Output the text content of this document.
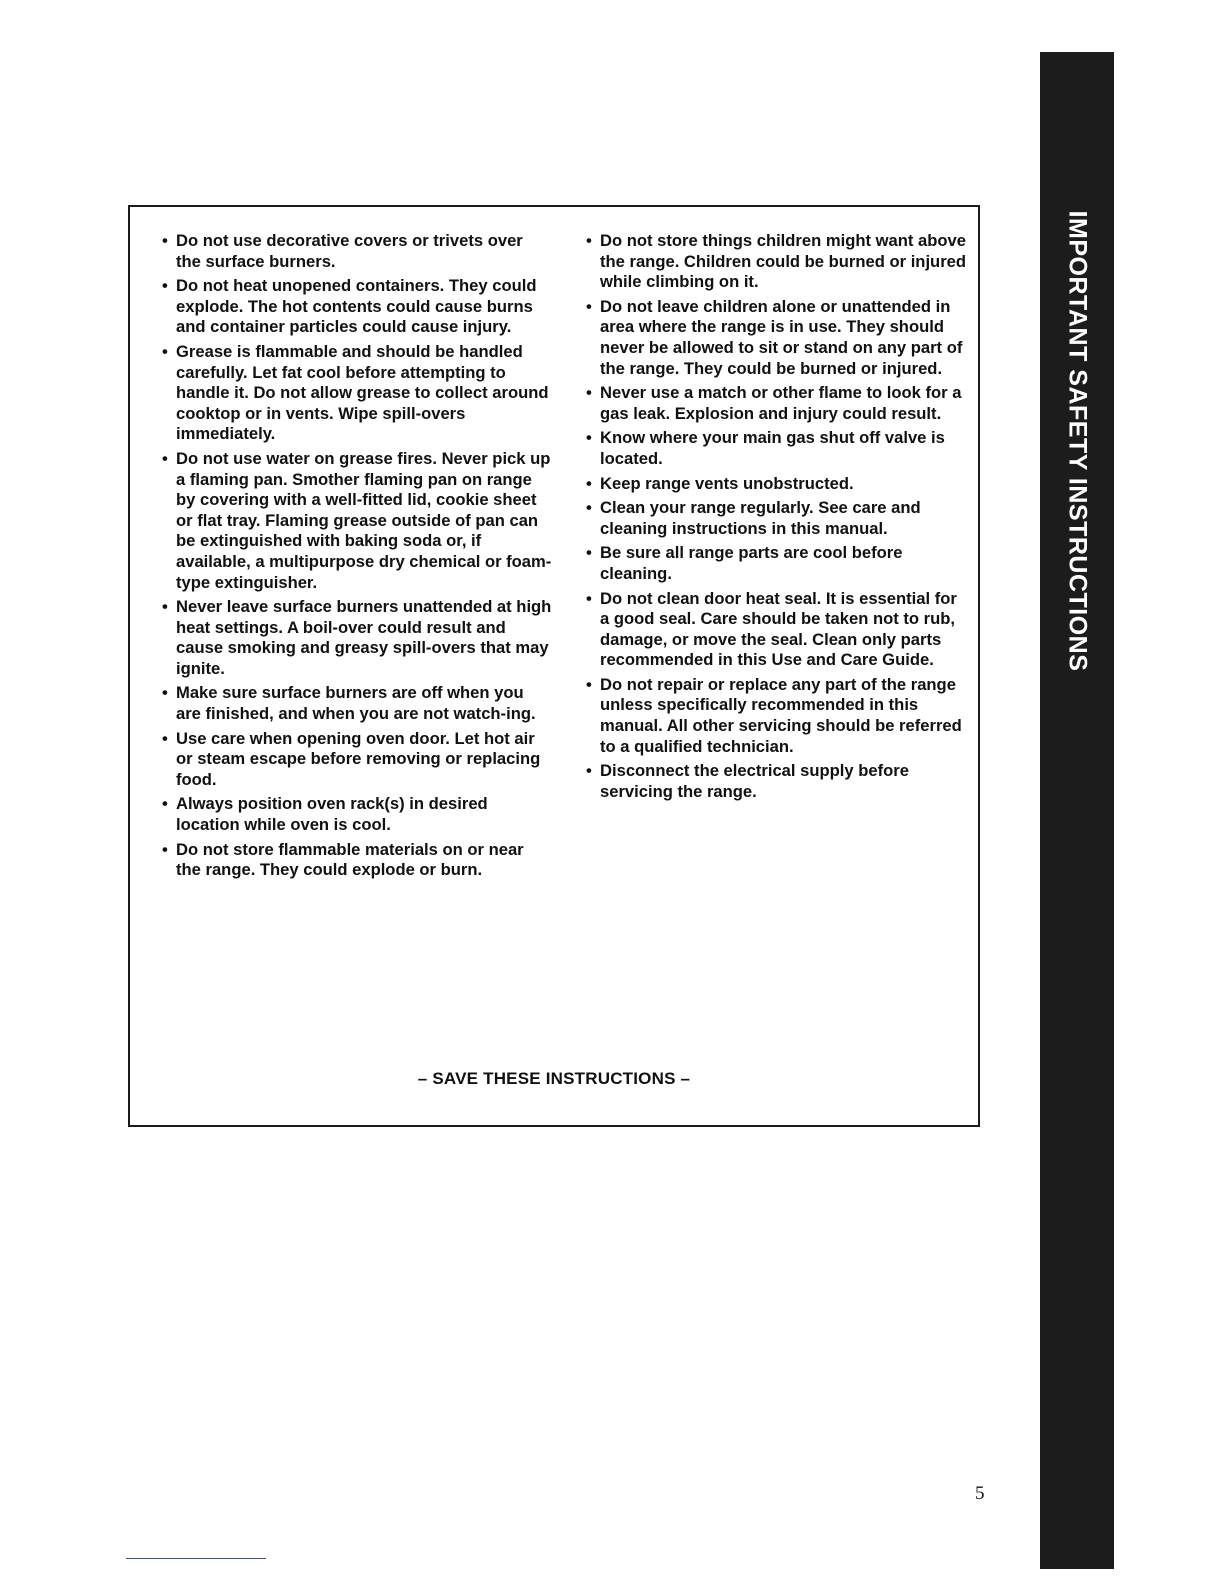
IMPORTANT SAFETY INSTRUCTIONS
• Do not use decorative covers or trivets over the surface burners.
• Do not heat unopened containers. They could explode. The hot contents could cause burns and container particles could cause injury.
• Grease is flammable and should be handled carefully. Let fat cool before attempting to handle it. Do not allow grease to collect around cooktop or in vents. Wipe spill-overs immediately.
• Do not use water on grease fires. Never pick up a flaming pan. Smother flaming pan on range by covering with a well-fitted lid, cookie sheet or flat tray. Flaming grease outside of pan can be extinguished with baking soda or, if available, a multipurpose dry chemical or foam-type extinguisher.
• Never leave surface burners unattended at high heat settings. A boil-over could result and cause smoking and greasy spill-overs that may ignite.
• Make sure surface burners are off when you are finished, and when you are not watch-ing.
• Use care when opening oven door. Let hot air or steam escape before removing or replacing food.
• Always position oven rack(s) in desired location while oven is cool.
• Do not store flammable materials on or near the range. They could explode or burn.
• Do not store things children might want above the range. Children could be burned or injured while climbing on it.
• Do not leave children alone or unattended in area where the range is in use. They should never be allowed to sit or stand on any part of the range. They could be burned or injured.
• Never use a match or other flame to look for a gas leak. Explosion and injury could result.
• Know where your main gas shut off valve is located.
• Keep range vents unobstructed.
• Clean your range regularly. See care and cleaning instructions in this manual.
• Be sure all range parts are cool before cleaning.
• Do not clean door heat seal. It is essential for a good seal. Care should be taken not to rub, damage, or move the seal. Clean only parts recommended in this Use and Care Guide.
• Do not repair or replace any part of the range unless specifically recommended in this manual. All other servicing should be referred to a qualified technician.
• Disconnect the electrical supply before servicing the range.
– SAVE THESE INSTRUCTIONS –
5
